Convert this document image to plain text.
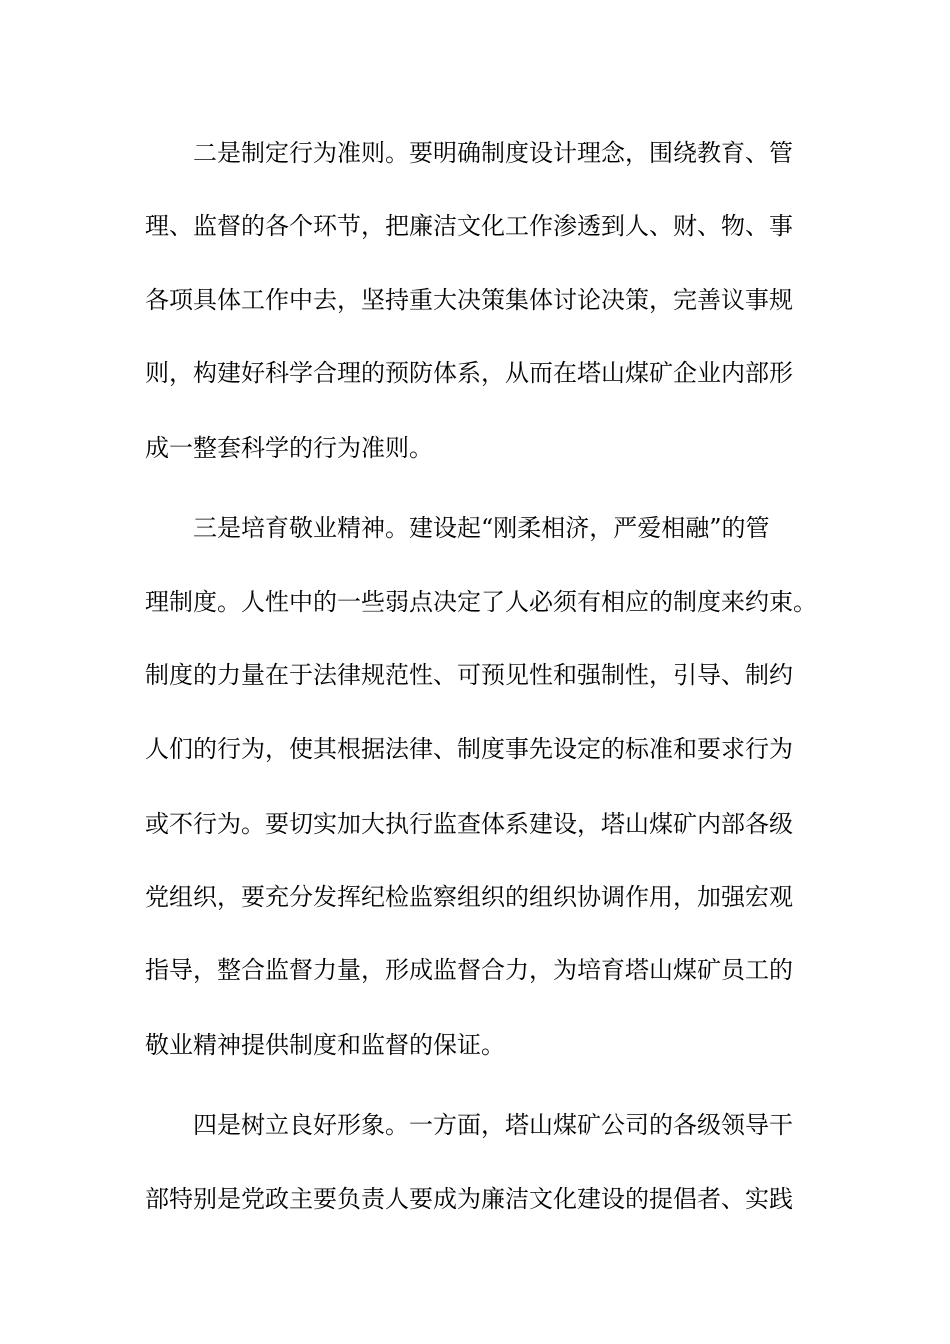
二是制定行为准则。要明确制度设计理念，围绕教育、管
理、监督的各个环节，把廉洁文化工作渗透到人、财、物、事
各项具体工作中去，坚持重大决策集体讨论决策，完善议事规
则，构建好科学合理的预防体系，从而在塔山煤矿企业内部形
成一整套科学的行为准则。
三是培育敬业精神。建设起“刚柔相济，严爱相融”的管
理制度。人性中的一些弱点决定了人必须有相应的制度来约束。
制度的力量在于法律规范性、可预见性和强制性，引导、制约
人们的行为，使其根据法律、制度事先设定的标准和要求行为
或不行为。要切实加大执行监查体系建设，塔山煤矿内部各级
党组织，要充分发挥纪检监察组织的组织协调作用，加强宏观
指导，整合监督力量，形成监督合力，为培育塔山煤矿员工的
敬业精神提供制度和监督的保证。
四是树立良好形象。一方面，塔山煤矿公司的各级领导干
部特别是党政主要负责人要成为廉洁文化建设的提倡者、实践
